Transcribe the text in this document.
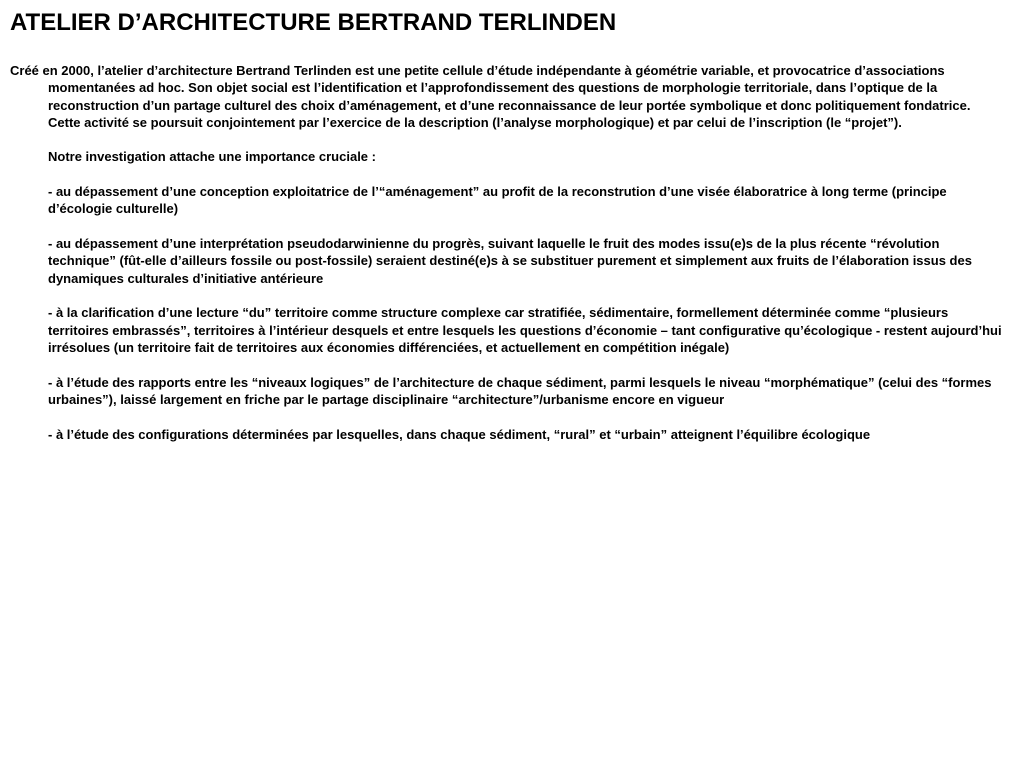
ATELIER D’ARCHITECTURE BERTRAND TERLINDEN

Créé en 2000, l’atelier d’architecture Bertrand Terlinden est une petite cellule d’étude indépendante à géométrie variable, et provocatrice d’associations momentanées ad hoc. Son objet social est l’identification et l’approfondissement des questions de morphologie territoriale, dans l’optique de la reconstruction d’un partage culturel des choix d’aménagement, et d’une reconnaissance de leur portée symbolique et donc politiquement fondatrice. Cette activité se poursuit conjointement par l’exercice de la description (l’analyse morphologique) et par celui de l’inscription (le “projet”).

Notre investigation attache une importance cruciale :

- au dépassement d’une conception exploitatrice de l’“aménagement” au profit de la reconstrution d’une visée élaboratrice à long terme (principe d’écologie culturelle)

- au dépassement d’une interprétation pseudodarwinienne du progrès, suivant laquelle le fruit des modes issu(e)s de la plus récente “révolution technique” (fût-elle d’ailleurs fossile ou post-fossile) seraient destiné(e)s à se substituer purement et simplement aux fruits de l’élaboration issus des dynamiques culturales d’initiative antérieure

- à la clarification d’une lecture “du” territoire comme structure complexe car stratifiée, sédimentaire, formellement déterminée comme “plusieurs territoires embrassés”, territoires à l’intérieur desquels et entre lesquels les questions d’économie – tant configurative qu’écologique - restent aujourd’hui irrésolues (un territoire fait de territoires aux économies différenciées, et actuellement en compétition inégale)

- à l’étude des rapports entre les “niveaux logiques” de l’architecture de chaque sédiment, parmi lesquels le niveau “morphématique” (celui des “formes urbaines”), laissé largement en friche par le partage disciplinaire “architecture”/urbanisme encore en vigueur

- à l’étude des configurations déterminées par lesquelles, dans chaque sédiment, “rural” et “urbain” atteignent l’équilibre écologique
